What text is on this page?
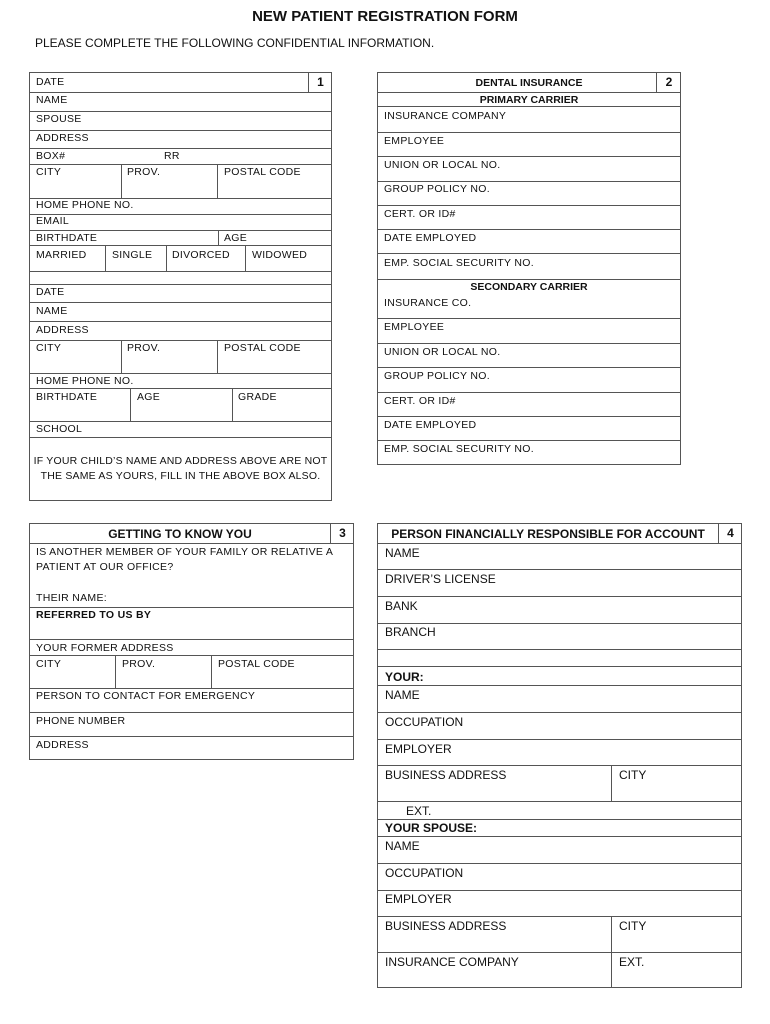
NEW PATIENT REGISTRATION FORM
PLEASE COMPLETE THE FOLLOWING CONFIDENTIAL INFORMATION.
1
DATE
NAME
SPOUSE
ADDRESS
BOX#	RR
CITY	PROV.	POSTAL CODE
HOME PHONE NO.
EMAIL
BIRTHDATE	AGE
MARRIED SINGLE DIVORCED WIDOWED
DATE
NAME
ADDRESS
CITY	PROV.	POSTAL CODE
HOME PHONE NO.
BIRTHDATE	AGE	GRADE
SCHOOL
IF YOUR CHILD’S NAME AND ADDRESS ABOVE ARE NOT
THE SAME AS YOURS, FILL IN THE ABOVE BOX ALSO.
DENTAL INSURANCE	2
PRIMARY CARRIER
INSURANCE COMPANY
EMPLOYEE
UNION OR LOCAL NO.
GROUP POLICY NO.
CERT. OR ID#
DATE EMPLOYED
EMP. SOCIAL SECURITY NO.
SECONDARY CARRIER
INSURANCE CO.
EMPLOYEE
UNION OR LOCAL NO.
GROUP POLICY NO.
CERT. OR ID#
DATE EMPLOYED
EMP. SOCIAL SECURITY NO.
GETTING TO KNOW YOU	3
IS ANOTHER MEMBER OF YOUR FAMILY OR RELATIVE A
PATIENT AT OUR OFFICE?
THEIR NAME:
REFERRED TO US BY
YOUR FORMER ADDRESS
CITY	PROV.	POSTAL CODE
PERSON TO CONTACT FOR EMERGENCY
PHONE NUMBER
ADDRESS
PERSON FINANCIALLY RESPONSIBLE FOR ACCOUNT	4
NAME
DRIVER’S LICENSE
BANK
BRANCH
YOUR:
NAME
OCCUPATION
EMPLOYER
BUSINESS ADDRESS	CITY
EXT.
YOUR SPOUSE:
NAME
OCCUPATION
EMPLOYER
BUSINESS ADDRESS	CITY
INSURANCE COMPANY	EXT.
